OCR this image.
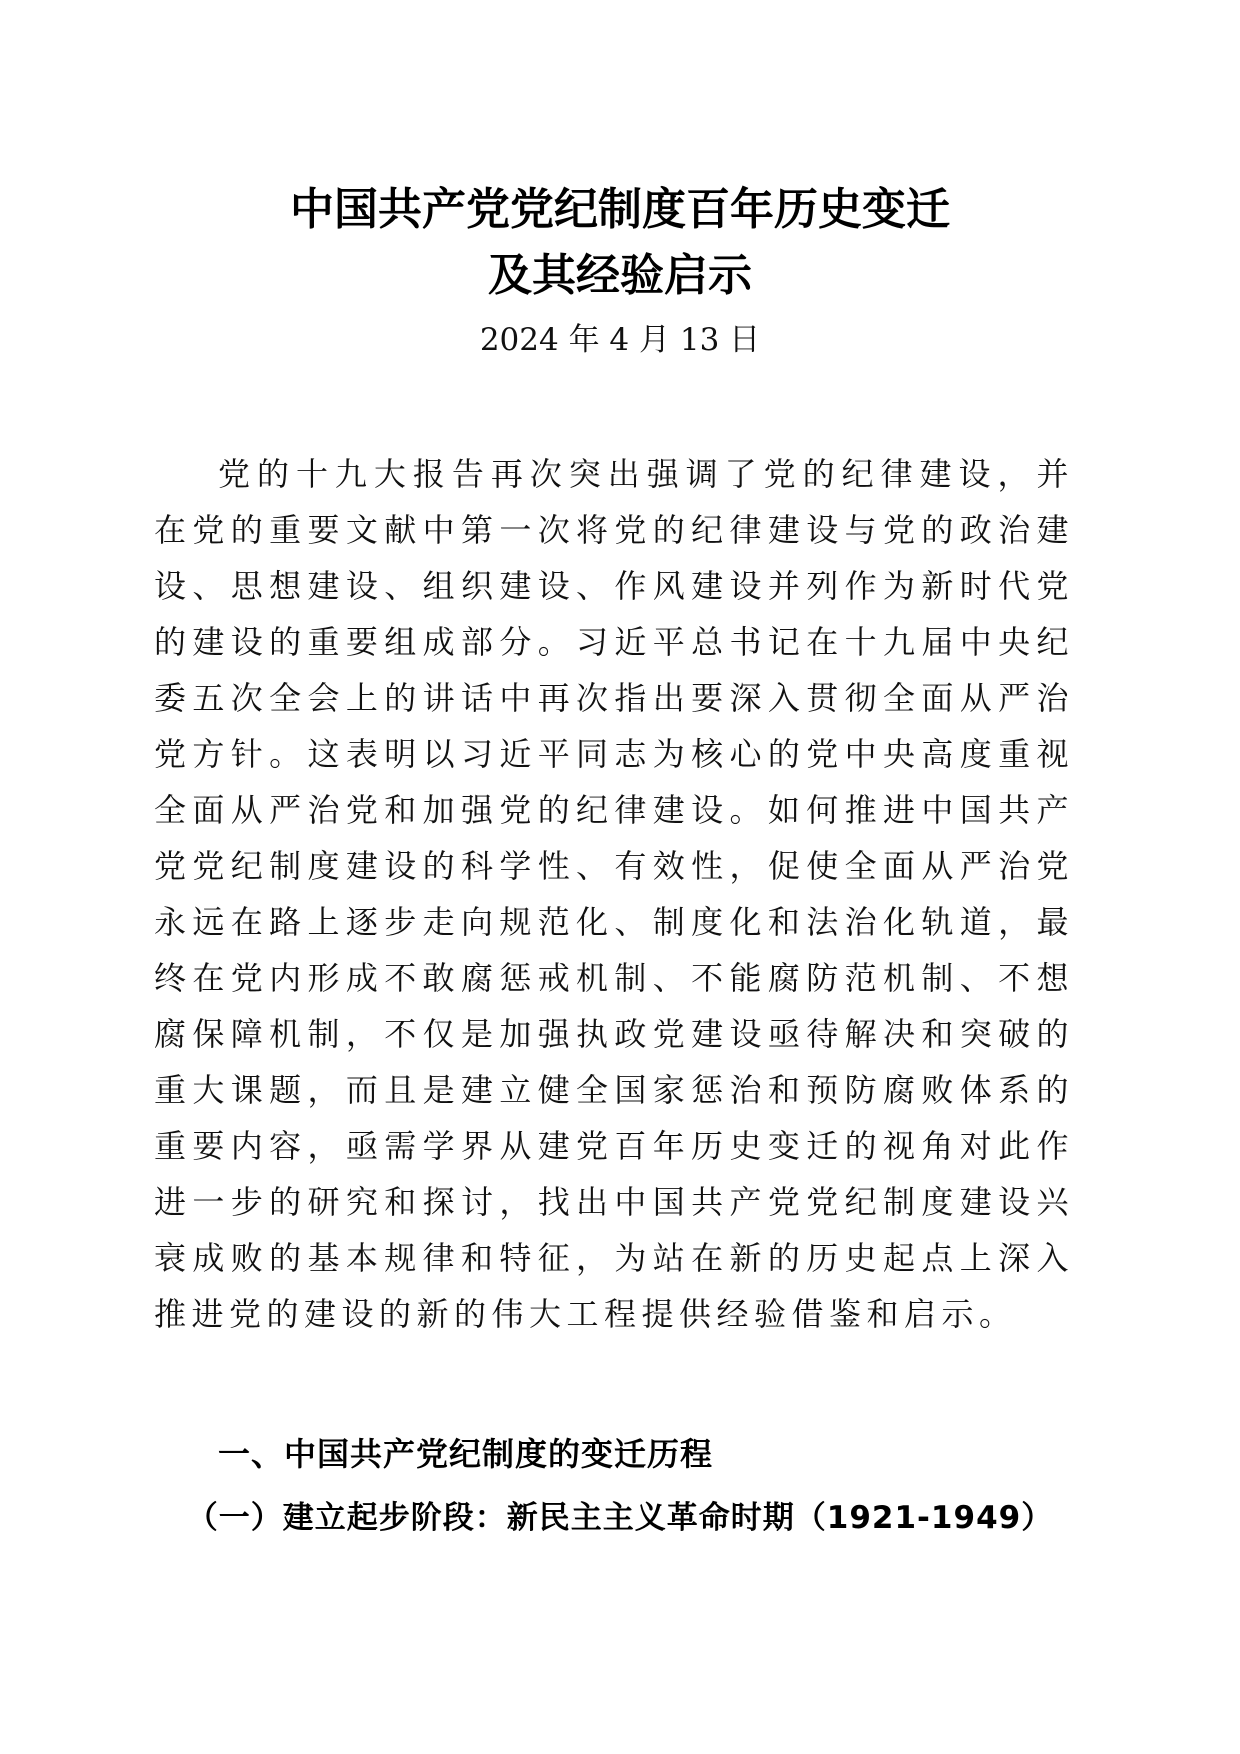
中国共产党党纪制度百年历史变迁
及其经验启示
2024 年 4 月 13 日

党的十九大报告再次突出强调了党的纪律建设，并在党的重要文献中第一次将党的纪律建设与党的政治建设、思想建设、组织建设、作风建设并列作为新时代党的建设的重要组成部分。习近平总书记在十九届中央纪委五次全会上的讲话中再次指出要深入贯彻全面从严治党方针。这表明以习近平同志为核心的党中央高度重视全面从严治党和加强党的纪律建设。如何推进中国共产党党纪制度建设的科学性、有效性，促使全面从严治党永远在路上逐步走向规范化、制度化和法治化轨道，最终在党内形成不敢腐惩戒机制、不能腐防范机制、不想腐保障机制，不仅是加强执政党建设亟待解决和突破的重大课题，而且是建立健全国家惩治和预防腐败体系的重要内容，亟需学界从建党百年历史变迁的视角对此作进一步的研究和探讨，找出中国共产党党纪制度建设兴衰成败的基本规律和特征，为站在新的历史起点上深入推进党的建设的新的伟大工程提供经验借鉴和启示。

一、中国共产党纪制度的变迁历程
（一）建立起步阶段：新民主主义革命时期（1921-1949）
